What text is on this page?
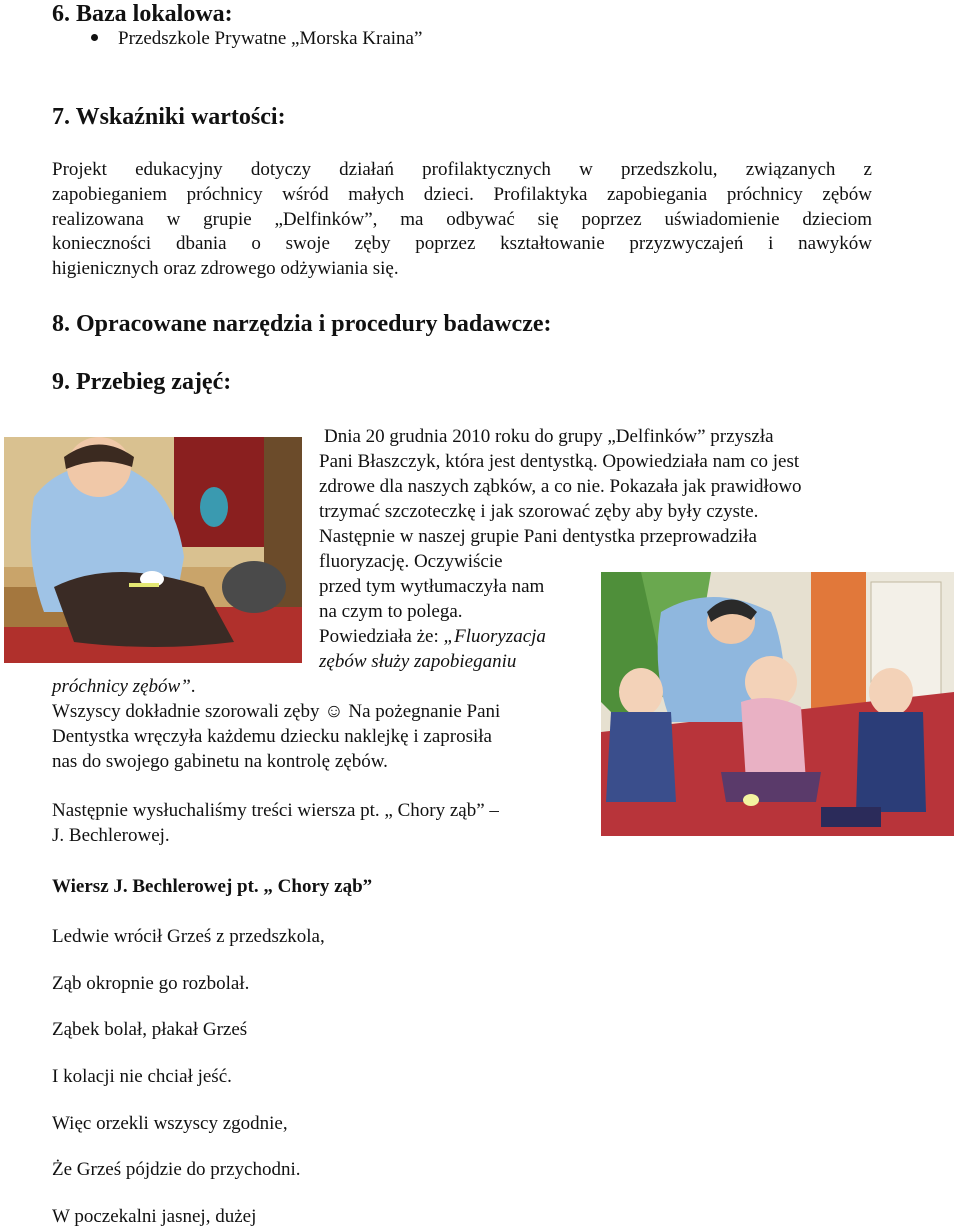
6. Baza lokalowa:
Przedszkole Prywatne „Morska Kraina”
7. Wskaźniki wartości:
Projekt edukacyjny dotyczy działań profilaktycznych w przedszkolu, związanych z
zapobieganiem próchnicy wśród małych dzieci. Profilaktyka zapobiegania próchnicy zębów
realizowana w grupie „Delfinków”, ma odbywać się poprzez uświadomienie dzieciom
konieczności dbania o swoje zęby poprzez kształtowanie przyzwyczajeń i nawyków
higienicznych oraz zdrowego odżywiania się.
8. Opracowane narzędzia i procedury badawcze:
9. Przebieg zajęć:
Dnia 20 grudnia 2010 roku do grupy „Delfinków” przyszła
Pani Błaszczyk, która jest dentystką. Opowiedziała nam co jest
zdrowe dla naszych ząbków, a co nie. Pokazała jak prawidłowo
trzymać szczoteczkę i jak szorować zęby aby były czyste.
Następnie w naszej grupie Pani dentystka przeprowadziła
fluoryzację. Oczywiście
przed tym wytłumaczyła nam
na czym to polega.
Powiedziała że: „Fluoryzacja
zębów służy zapobieganiu
próchnicy zębów”.
Wszyscy dokładnie szorowali zęby ☺ Na pożegnanie Pani
Dentystka wręczyła każdemu dziecku naklejkę i zaprosiła
nas do swojego gabinetu na kontrolę zębów.
Następnie wysłuchaliśmy treści wiersza pt. „ Chory ząb” –
J. Bechlerowej.
Wiersz J. Bechlerowej pt. „ Chory ząb”
Ledwie wrócił Grześ z przedszkola,
Ząb okropnie go rozbolał.
Ząbek bolał, płakał Grześ
I kolacji nie chciał jeść.
Więc orzekli wszyscy zgodnie,
Że Grześ pójdzie do przychodni.
W poczekalni jasnej, dużej
